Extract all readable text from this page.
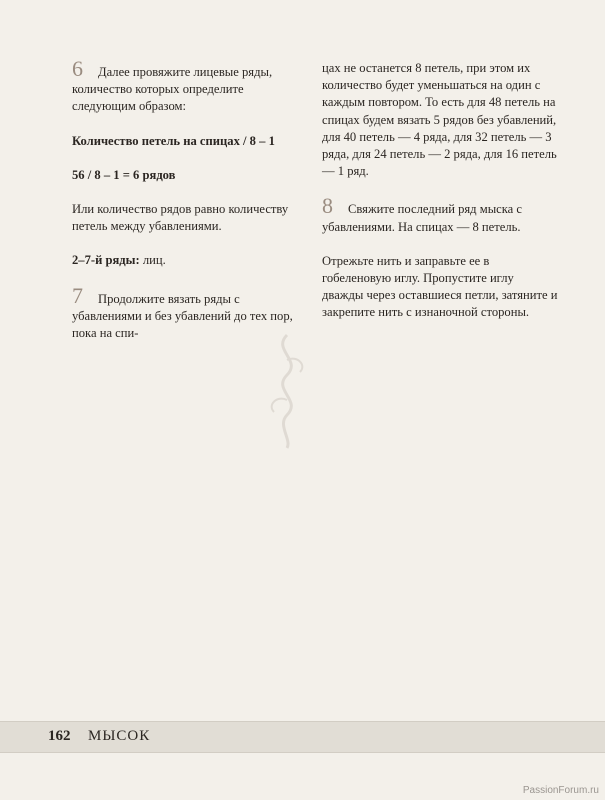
6 Далее провяжите лицевые ряды, количество которых определите следующим образом:

Количество петель на спицах / 8 – 1

56 / 8 – 1 = 6 рядов

Или количество рядов равно количеству петель между убавлениями.

2–7-й ряды: лиц.

7 Продолжите вязать ряды с убавлениями и без убавлений до тех пор, пока на спи-

цах не останется 8 петель, при этом их количество будет уменьшаться на один с каждым повтором. То есть для 48 петель на спицах будем вязать 5 рядов без убавлений, для 40 петель — 4 ряда, для 32 петель — 3 ряда, для 24 петель — 2 ряда, для 16 петель — 1 ряд.

8 Свяжите последний ряд мыска с убавлениями. На спицах — 8 петель.

Отрежьте нить и заправьте ее в гобеленовую иглу. Пропустите иглу дважды через оставшиеся петли, затяните и закрепите нить с изнаночной стороны.

162 МЫСОК
PassionForum.ru
